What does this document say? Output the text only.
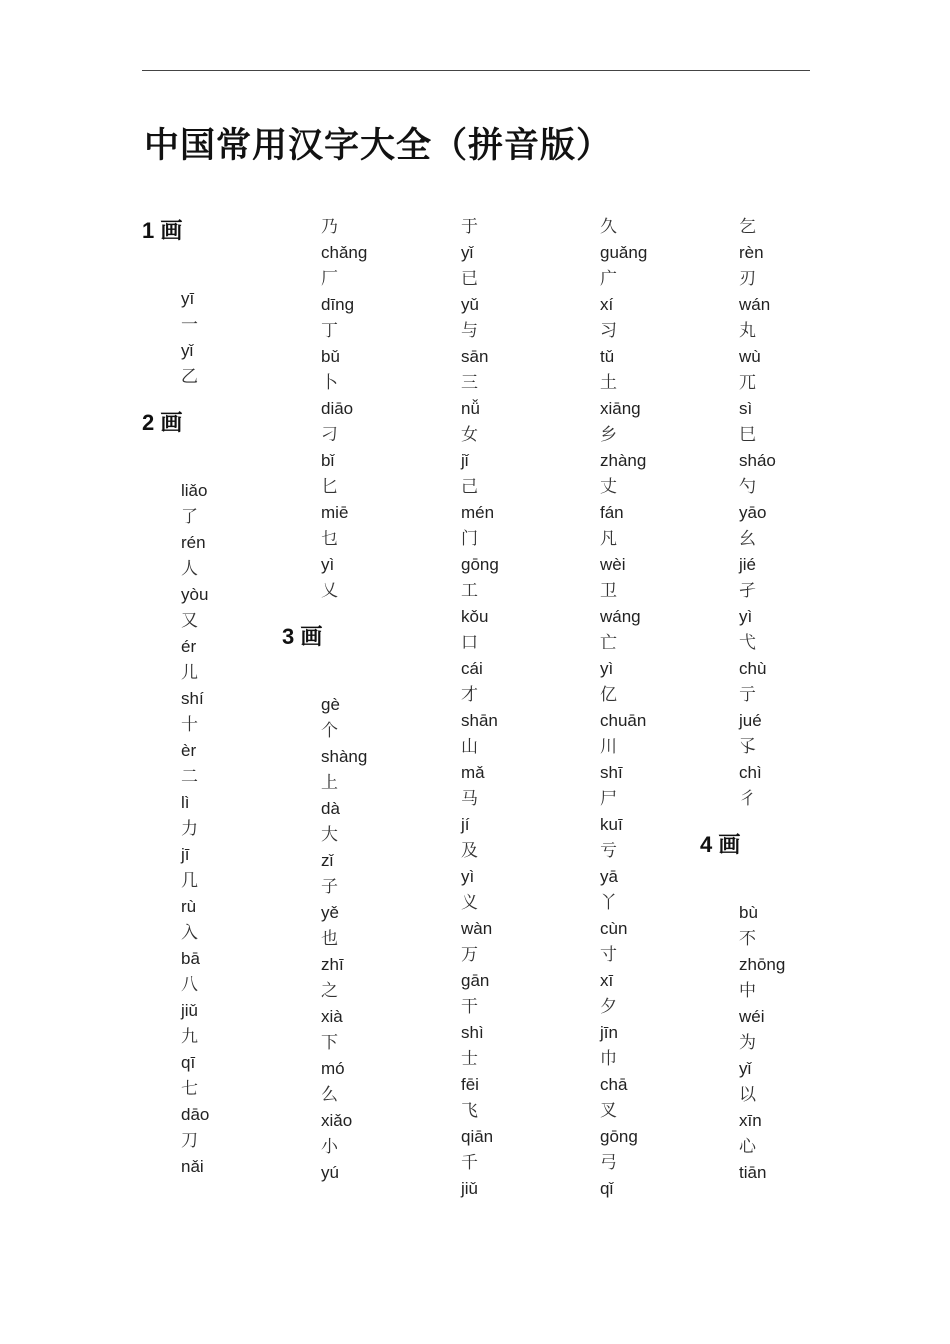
中国常用汉字大全（拼音版）
1 画
yī
一
yǐ
乙
2 画
liǎo
了
rén
人
yòu
又
ér
儿
shí
十
èr
二
lì
力
jī
几
rù
入
bā
八
jiǔ
九
qī
七
dāo
刀
nǎi
乃
chǎng
厂
dīng
丁
bǔ
卜
diāo
刁
bǐ
匕
miē
乜
yì
乂
3 画
gè
个
shàng
上
dà
大
zǐ
子
yě
也
zhī
之
xià
下
mó
么
xiǎo
小
yú
于
yǐ
已
yǔ
与
sān
三
nǚ
女
jǐ
己
mén
门
gōng
工
kǒu
口
cái
才
shān
山
mǎ
马
jí
及
yì
义
wàn
万
gān
干
shì
士
fēi
飞
qiān
千
jiǔ
久
guǎng
广
xí
习
tǔ
土
xiāng
乡
zhàng
丈
fán
凡
wèi
卫
wáng
亡
yì
亿
chuān
川
shī
尸
kuī
亏
yā
丫
cùn
寸
xī
夕
jīn
巾
chā
叉
gōng
弓
qǐ
乞
rèn
刃
wán
丸
wù
兀
sì
巳
sháo
勺
yāo
幺
jié
孑
yì
弋
chù
亍
jué
孓
chì
彳
4 画
bù
不
zhōng
中
wéi
为
yǐ
以
xīn
心
tiān
